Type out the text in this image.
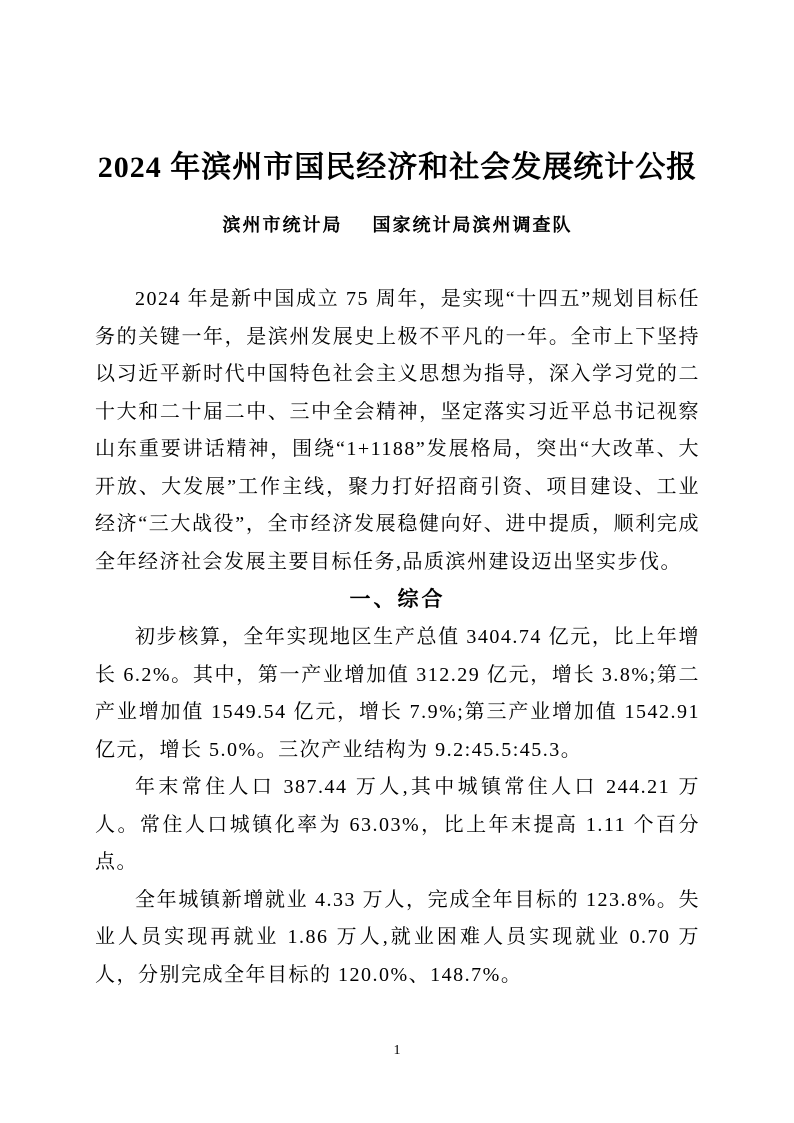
2024 年滨州市国民经济和社会发展统计公报
滨州市统计局 国家统计局滨州调查队

2024 年是新中国成立 75 周年，是实现“十四五”规划目标任务的关键一年，是滨州发展史上极不平凡的一年。全市上下坚持以习近平新时代中国特色社会主义思想为指导，深入学习党的二十大和二十届二中、三中全会精神，坚定落实习近平总书记视察山东重要讲话精神，围绕“1+1188”发展格局，突出“大改革、大开放、大发展”工作主线，聚力打好招商引资、项目建设、工业经济“三大战役”，全市经济发展稳健向好、进中提质，顺利完成全年经济社会发展主要目标任务,品质滨州建设迈出坚实步伐。

一、综合

初步核算，全年实现地区生产总值 3404.74 亿元，比上年增长 6.2%。其中，第一产业增加值 312.29 亿元，增长 3.8%;第二产业增加值 1549.54 亿元，增长 7.9%;第三产业增加值 1542.91 亿元，增长 5.0%。三次产业结构为 9.2:45.5:45.3。

年末常住人口 387.44 万人,其中城镇常住人口 244.21 万人。常住人口城镇化率为 63.03%，比上年末提高 1.11 个百分点。

全年城镇新增就业 4.33 万人，完成全年目标的 123.8%。失业人员实现再就业 1.86 万人,就业困难人员实现就业 0.70 万人，分别完成全年目标的 120.0%、148.7%。

1
